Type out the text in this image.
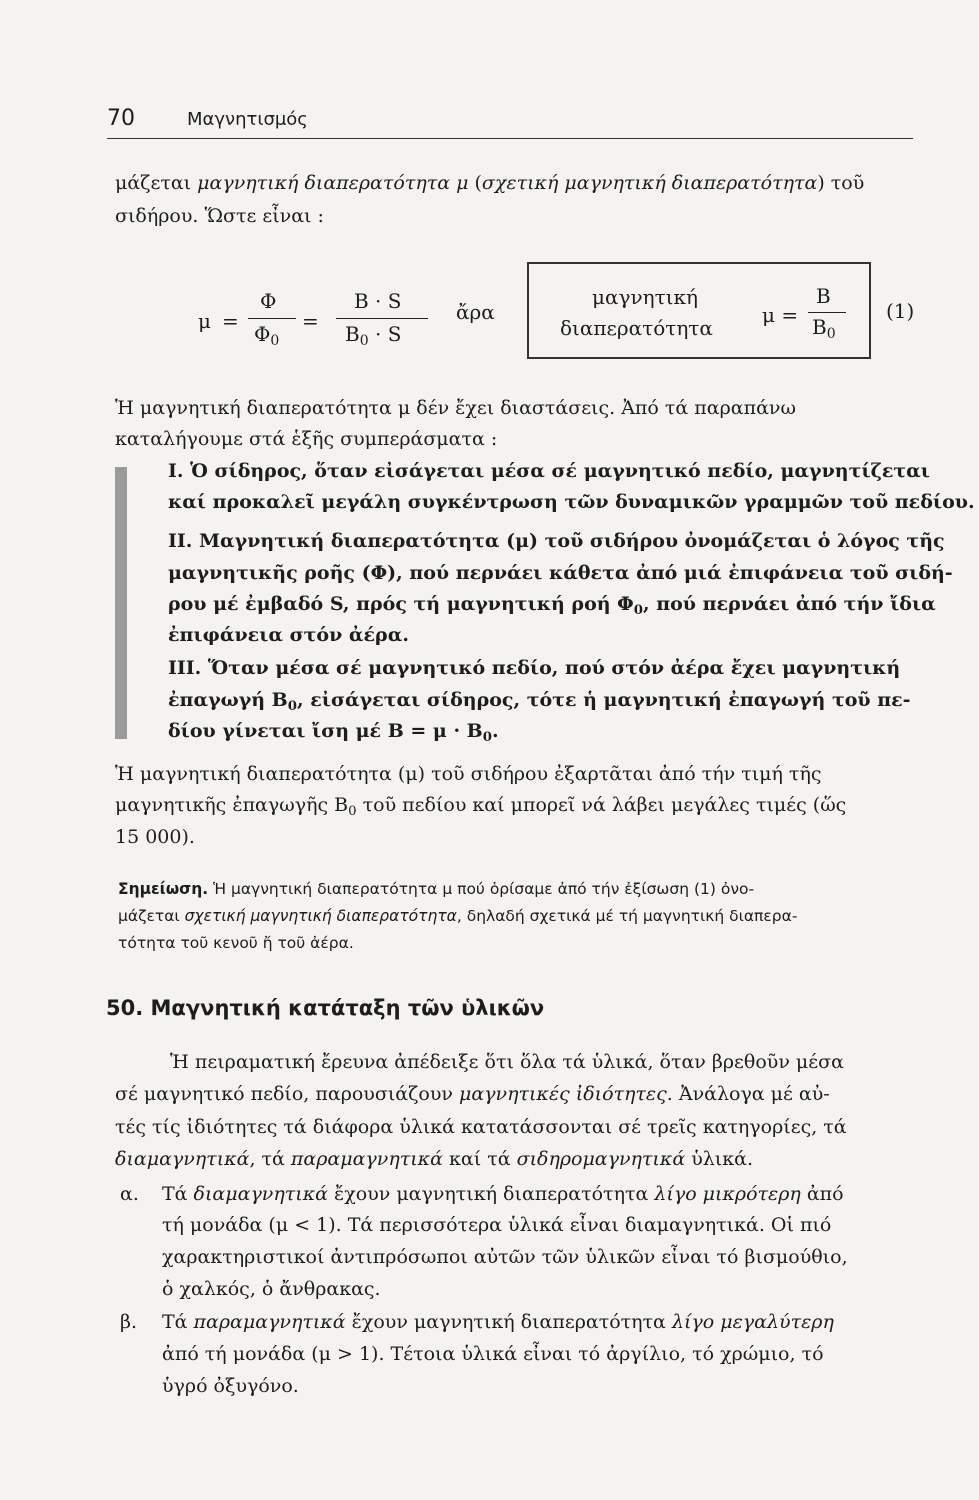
70	Μαγνητισμός
μάζεται μαγνητική διαπερατότητα μ (σχετική μαγνητική διαπερατότητα) τοῦ
σιδήρου. Ὥστε εἶναι :
μ =
Φ
$\Phi_0$
=
B · S
$B_0 \cdot S$
ἄρα
μαγνητική
διαπερατότητα
μ =
B
$B_0$
(1)
Ἡ μαγνητική διαπερατότητα μ δέν ἔχει διαστάσεις. Ἀπό τά παραπάνω
καταλήγουμε στά ἑξῆς συμπεράσματα :
I. Ὁ σίδηρος, ὅταν εἰσάγεται μέσα σέ μαγνητικό πεδίο, μαγνητίζεται
καί προκαλεῖ μεγάλη συγκέντρωση τῶν δυναμικῶν γραμμῶν τοῦ πεδίου.
II. Μαγνητική διαπερατότητα (μ) τοῦ σιδήρου ὀνομάζεται ὁ λόγος τῆς
μαγνητικῆς ροῆς (Φ), πού περνάει κάθετα ἀπό μιά ἐπιφάνεια τοῦ σιδή-
ρου μέ ἐμβαδό S, πρός τή μαγνητική ροή $\Phi_0$, πού περνάει ἀπό τήν ἴδια
ἐπιφάνεια στόν ἀέρα.
III. Ὅταν μέσα σέ μαγνητικό πεδίο, πού στόν ἀέρα ἔχει μαγνητική
ἐπαγωγή $B_0$, εἰσάγεται σίδηρος, τότε ἡ μαγνητική ἐπαγωγή τοῦ πε-
δίου γίνεται ἴση μέ $B = \mu \cdot B_0$.
Ἡ μαγνητική διαπερατότητα (μ) τοῦ σιδήρου ἐξαρτᾶται ἀπό τήν τιμή τῆς
μαγνητικῆς ἐπαγωγῆς $B_0$ τοῦ πεδίου καί μπορεῖ νά λάβει μεγάλες τιμές (ὥς
15 000).
Σημείωση. Ἡ μαγνητική διαπερατότητα μ πού ὁρίσαμε ἀπό τήν ἐξίσωση (1) ὀνο-
μάζεται σχετική μαγνητική διαπερατότητα, δηλαδή σχετικά μέ τή μαγνητική διαπερα-
τότητα τοῦ κενοῦ ἤ τοῦ ἀέρα.
50. Μαγνητική κατάταξη τῶν ὑλικῶν
Ἡ πειραματική ἔρευνα ἀπέδειξε ὅτι ὅλα τά ὑλικά, ὅταν βρεθοῦν μέσα
σέ μαγνητικό πεδίο, παρουσιάζουν μαγνητικές ἰδιότητες. Ἀνάλογα μέ αὐ-
τές τίς ἰδιότητες τά διάφορα ὑλικά κατατάσσονται σέ τρεῖς κατηγορίες, τά
διαμαγνητικά, τά παραμαγνητικά καί τά σιδηρομαγνητικά ὑλικά.
α. Τά διαμαγνητικά ἔχουν μαγνητική διαπερατότητα λίγο μικρότερη ἀπό
τή μονάδα (μ < 1). Τά περισσότερα ὑλικά εἶναι διαμαγνητικά. Οἱ πιό
χαρακτηριστικοί ἀντιπρόσωποι αὐτῶν τῶν ὑλικῶν εἶναι τό βισμούθιο,
ὁ χαλκός, ὁ ἄνθρακας.
β. Τά παραμαγνητικά ἔχουν μαγνητική διαπερατότητα λίγο μεγαλύτερη
ἀπό τή μονάδα (μ > 1). Τέτοια ὑλικά εἶναι τό ἀργίλιο, τό χρώμιο, τό
ὑγρό ὀξυγόνο.
